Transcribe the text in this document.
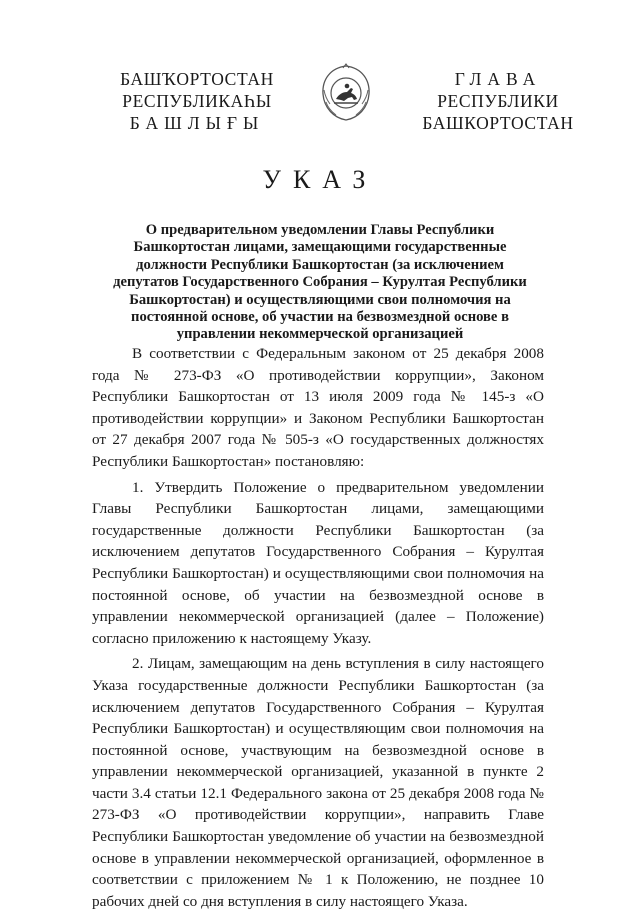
БАШҠОРТОСТАН
РЕСПУБЛИКАҺЫ
БАШЛЫҒЫ
ГЛАВА
РЕСПУБЛИКИ
БАШКОРТОСТАН
УКАЗ
О предварительном уведомлении Главы Республики Башкортостан лицами, замещающими государственные должности Республики Башкортостан (за исключением депутатов Государственного Собрания – Курултая Республики Башкортостан) и осуществляющими свои полномочия на постоянной основе, об участии на безвозмездной основе в управлении некоммерческой организацией

В соответствии с Федеральным законом от 25 декабря 2008 года № 273-ФЗ «О противодействии коррупции», Законом Республики Башкортостан от 13 июля 2009 года № 145-з «О противодействии коррупции» и Законом Республики Башкортостан от 27 декабря 2007 года № 505-з «О государственных должностях Республики Башкортостан» постановляю:

1. Утвердить Положение о предварительном уведомлении Главы Республики Башкортостан лицами, замещающими государственные должности Республики Башкортостан (за исключением депутатов Государственного Собрания – Курултая Республики Башкортостан) и осуществляющими свои полномочия на постоянной основе, об участии на безвозмездной основе в управлении некоммерческой организацией (далее – Положение) согласно приложению к настоящему Указу.

2. Лицам, замещающим на день вступления в силу настоящего Указа государственные должности Республики Башкортостан (за исключением депутатов Государственного Собрания – Курултая Республики Башкортостан) и осуществляющим свои полномочия на постоянной основе, участвующим на безвозмездной основе в управлении некоммерческой организацией, указанной в пункте 2 части 3.4 статьи 12.1 Федерального закона от 25 декабря 2008 года № 273-ФЗ «О противодействии коррупции», направить Главе Республики Башкортостан уведомление об участии на безвозмездной основе в управлении некоммерческой организацией, оформленное в соответствии с приложением № 1 к Положению, не позднее 10 рабочих дней со дня вступления в силу настоящего Указа.
